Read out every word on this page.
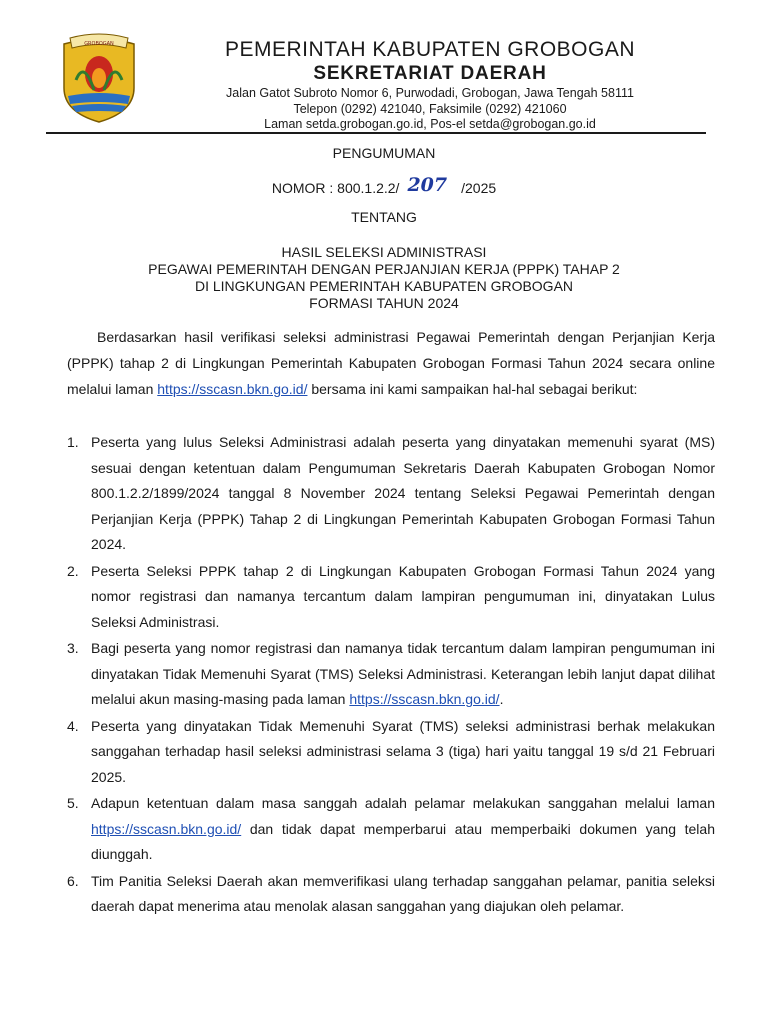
GROBOGAN	PEMERINTAH KABUPATEN GROBOGAN
SEKRETARIAT DAERAH
Jalan Gatot Subroto Nomor 6, Purwodadi, Grobogan, Jawa Tengah 58111
Telepon (0292) 421040, Faksimile (0292) 421060
Laman setda.grobogan.go.id, Pos-el setda@grobogan.go.id
PENGUMUMAN
NOMOR : 800.1.2.2/ 207 /2025
TENTANG
HASIL SELEKSI ADMINISTRASI
PEGAWAI PEMERINTAH DENGAN PERJANJIAN KERJA (PPPK) TAHAP 2
DI LINGKUNGAN PEMERINTAH KABUPATEN GROBOGAN
FORMASI TAHUN 2024
Berdasarkan hasil verifikasi seleksi administrasi Pegawai Pemerintah dengan Perjanjian Kerja (PPPK) tahap 2 di Lingkungan Pemerintah Kabupaten Grobogan Formasi Tahun 2024 secara online melalui laman https://sscasn.bkn.go.id/ bersama ini kami sampaikan hal-hal sebagai berikut:
1. Peserta yang lulus Seleksi Administrasi adalah peserta yang dinyatakan memenuhi syarat (MS) sesuai dengan ketentuan dalam Pengumuman Sekretaris Daerah Kabupaten Grobogan Nomor 800.1.2.2/1899/2024 tanggal 8 November 2024 tentang Seleksi Pegawai Pemerintah dengan Perjanjian Kerja (PPPK) Tahap 2 di Lingkungan Pemerintah Kabupaten Grobogan Formasi Tahun 2024.
2. Peserta Seleksi PPPK tahap 2 di Lingkungan Kabupaten Grobogan Formasi Tahun 2024 yang nomor registrasi dan namanya tercantum dalam lampiran pengumuman ini, dinyatakan Lulus Seleksi Administrasi.
3. Bagi peserta yang nomor registrasi dan namanya tidak tercantum dalam lampiran pengumuman ini dinyatakan Tidak Memenuhi Syarat (TMS) Seleksi Administrasi. Keterangan lebih lanjut dapat dilihat melalui akun masing-masing pada laman https://sscasn.bkn.go.id/.
4. Peserta yang dinyatakan Tidak Memenuhi Syarat (TMS) seleksi administrasi berhak melakukan sanggahan terhadap hasil seleksi administrasi selama 3 (tiga) hari yaitu tanggal 19 s/d 21 Februari 2025.
5. Adapun ketentuan dalam masa sanggah adalah pelamar melakukan sanggahan melalui laman https://sscasn.bkn.go.id/ dan tidak dapat memperbarui atau memperbaiki dokumen yang telah diunggah.
6. Tim Panitia Seleksi Daerah akan memverifikasi ulang terhadap sanggahan pelamar, panitia seleksi daerah dapat menerima atau menolak alasan sanggahan yang diajukan oleh pelamar.
